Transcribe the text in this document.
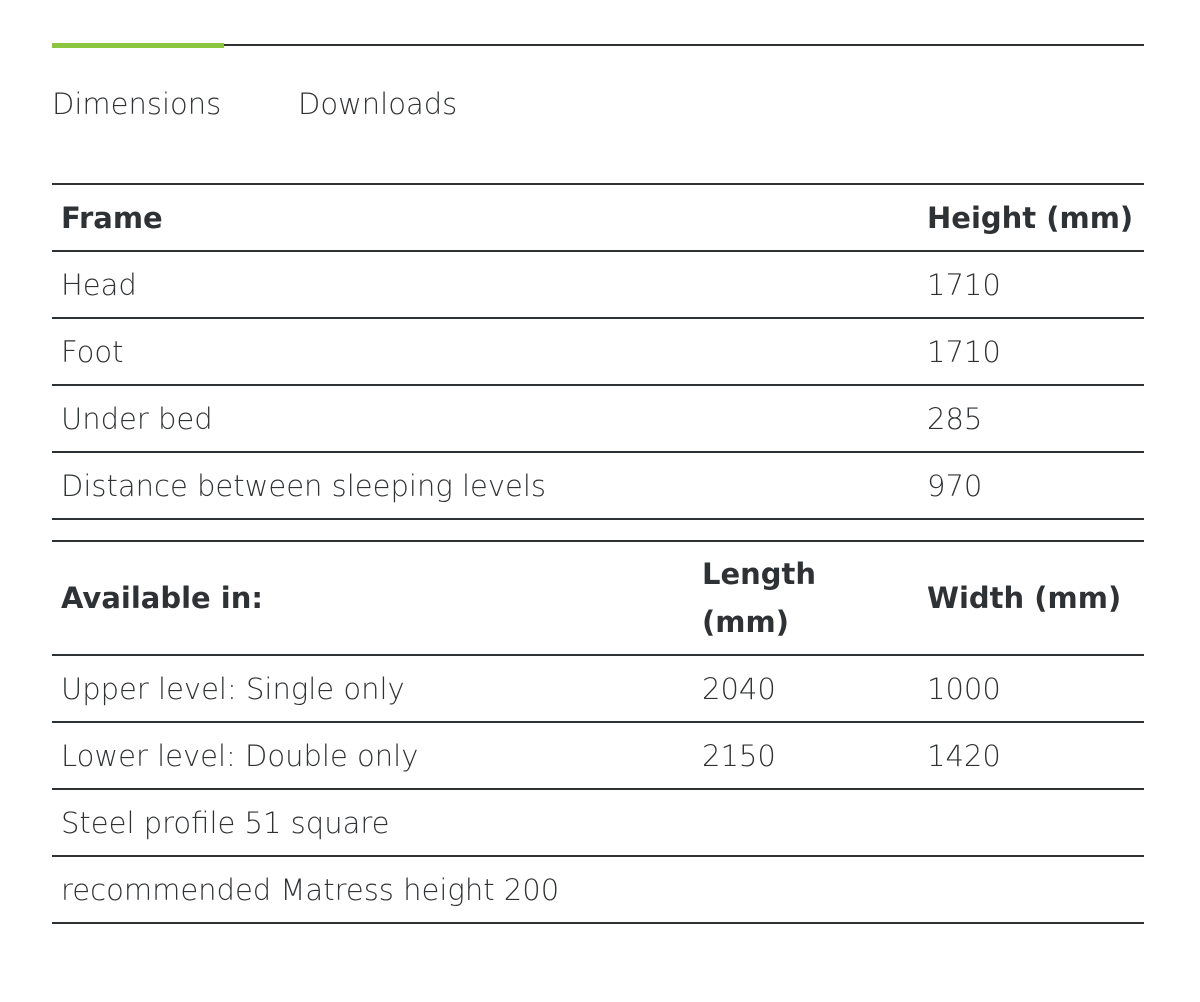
Dimensions	Downloads
Frame	Height (mm)
Head	1710
Foot	1710
Under bed	285
Distance between sleeping levels	970
Available in:	Length (mm)	Width (mm)
Upper level: Single only	2040	1000
Lower level: Double only	2150	1420
Steel profile 51 square		
recommended Matress height 200		
